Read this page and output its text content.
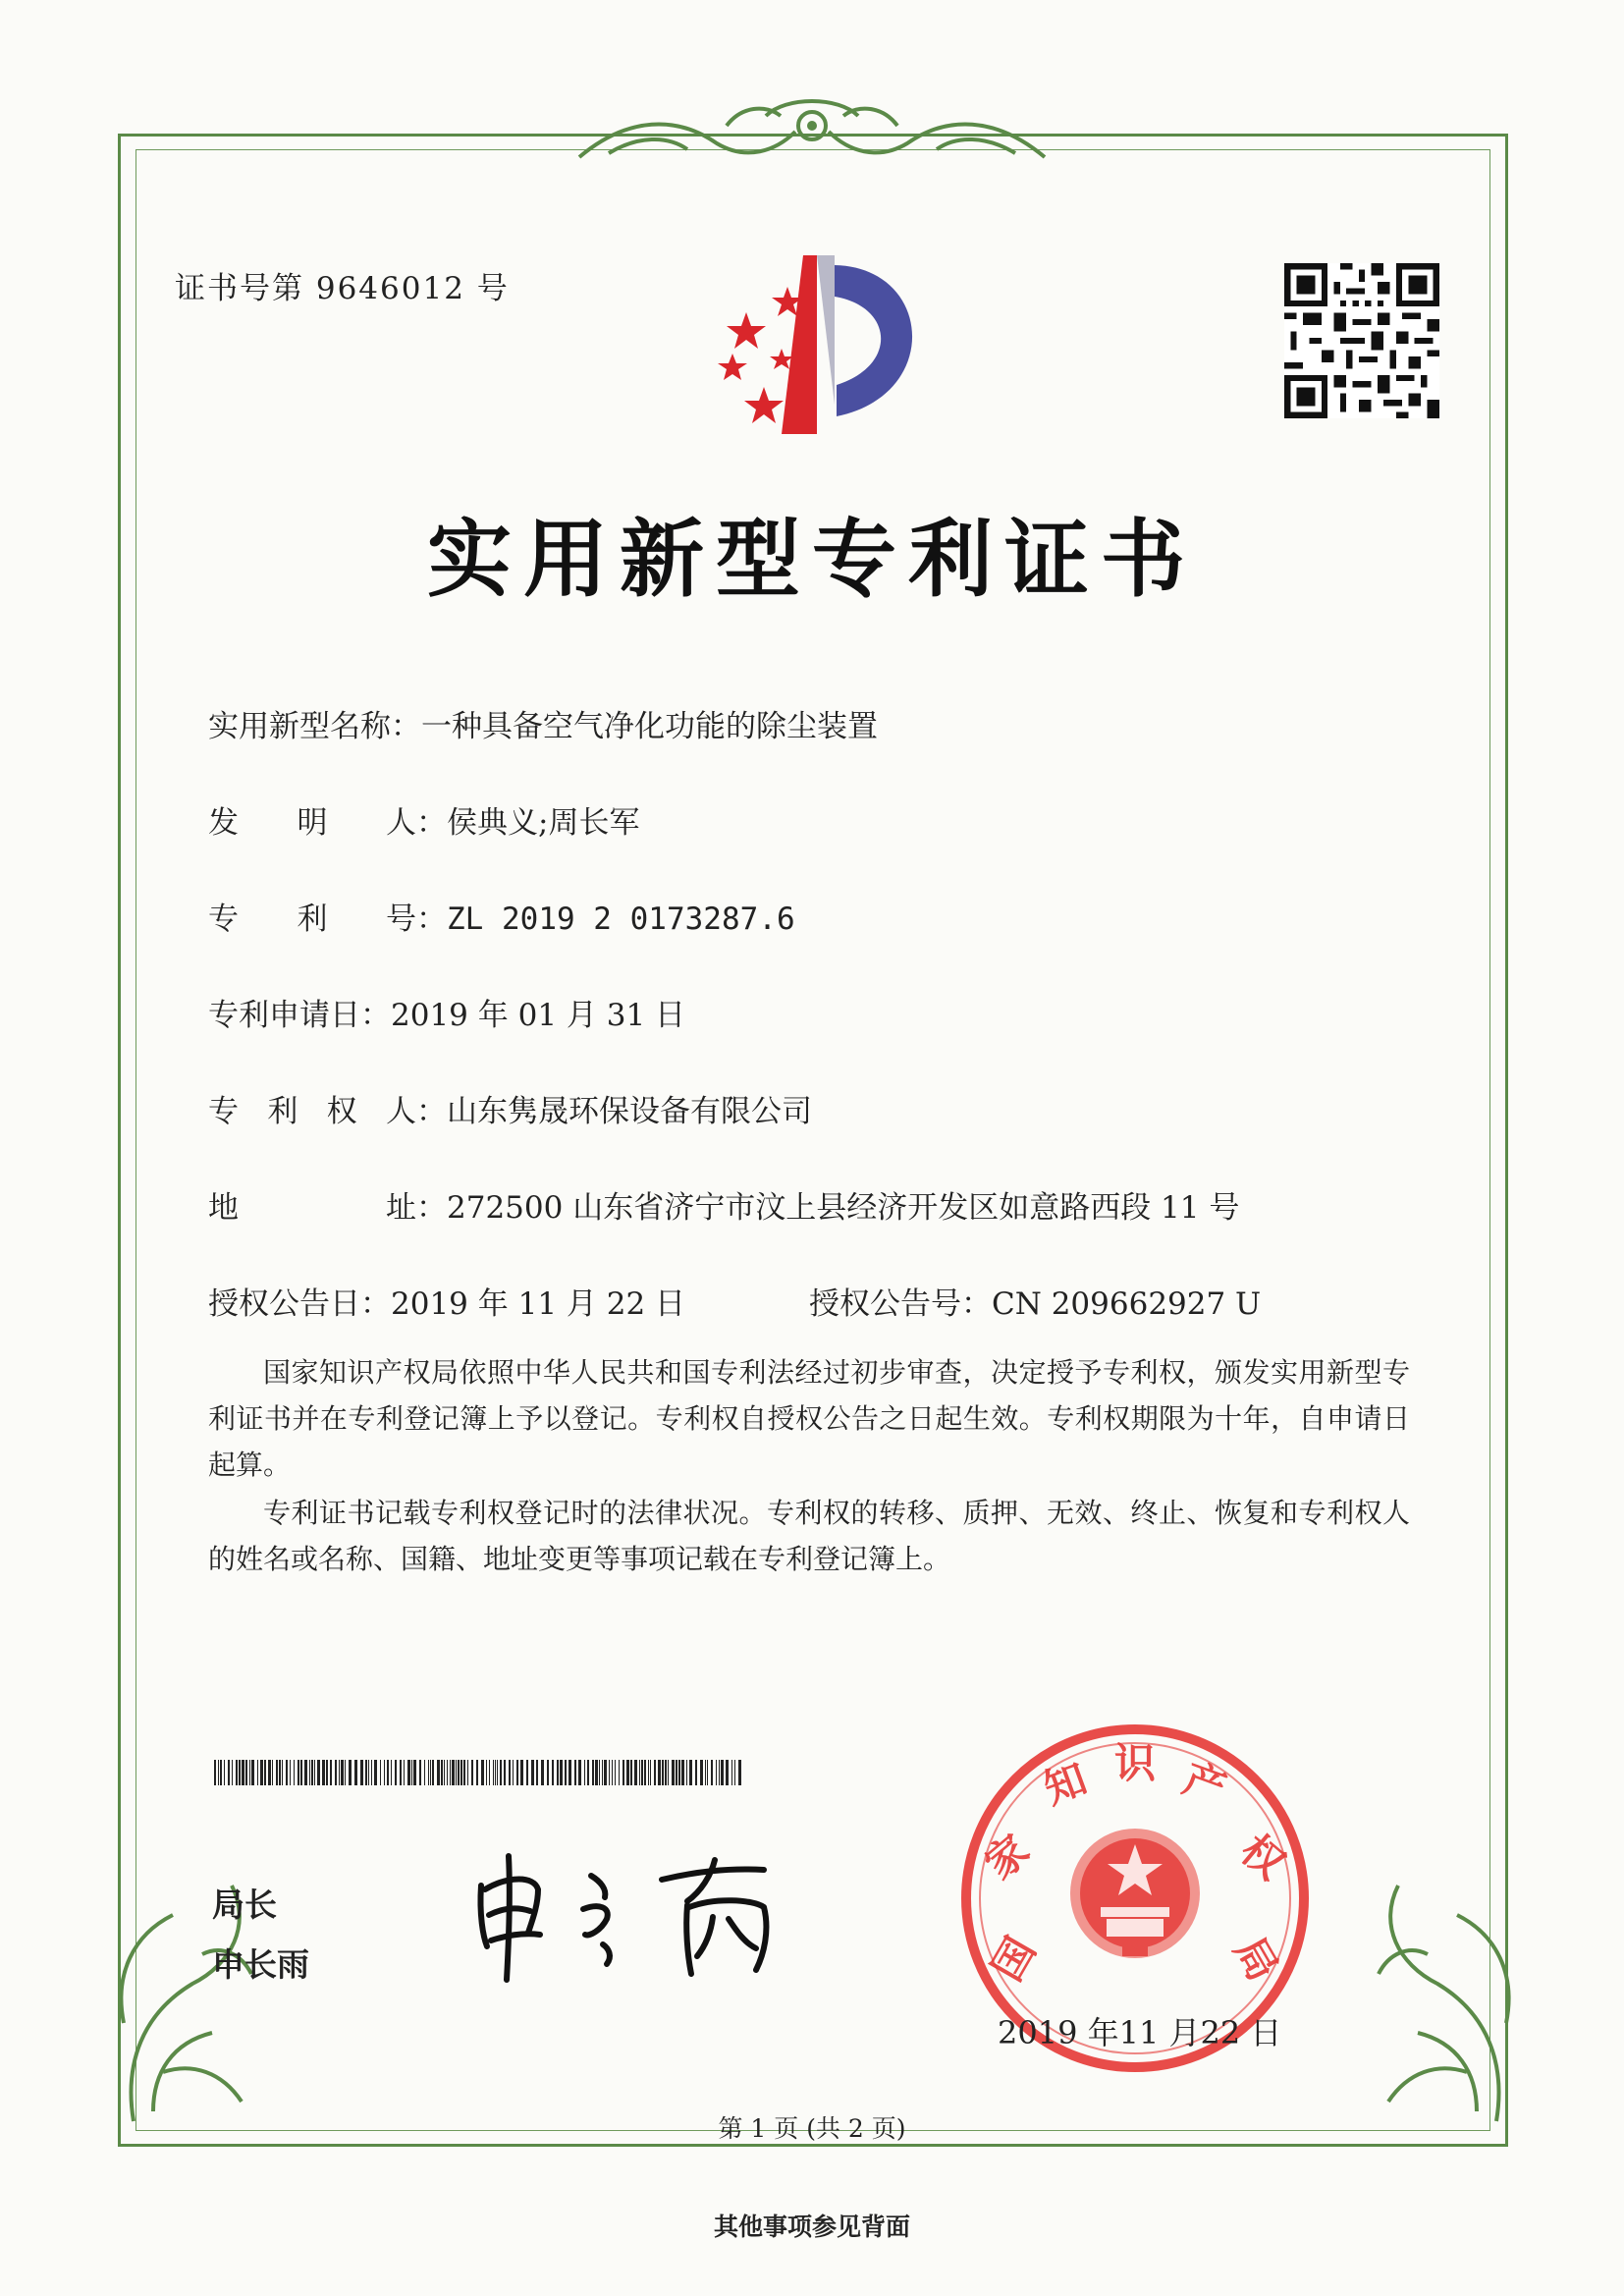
证书号第 9646012 号
实用新型专利证书
实用新型名称：一种具备空气净化功能的除尘装置
发 明 人 ：侯典义;周长军
专 利 号 ：ZL 2019 2 0173287.6
专利申请日：2019 年 01 月 31 日
专 利 权 人 ：山东隽晟环保设备有限公司
地	址 ：272500 山东省济宁市汶上县经济开发区如意路西段 11 号
授权公告日：2019 年 11 月 22 日	授权公告号：CN 209662927 U

国家知识产权局依照中华人民共和国专利法经过初步审查，决定授予专利权，颁发实用新型专利证书并在专利登记簿上予以登记。专利权自授权公告之日起生效。专利权期限为十年，自申请日起算。

专利证书记载专利权登记时的法律状况。专利权的转移、质押、无效、终止、恢复和专利权人的姓名或名称、国籍、地址变更等事项记载在专利登记簿上。

局长
申长雨	国
家
知 识 产
权
局
2019 年11 月22 日
第 1 页 (共 2 页)
其他事项参见背面
